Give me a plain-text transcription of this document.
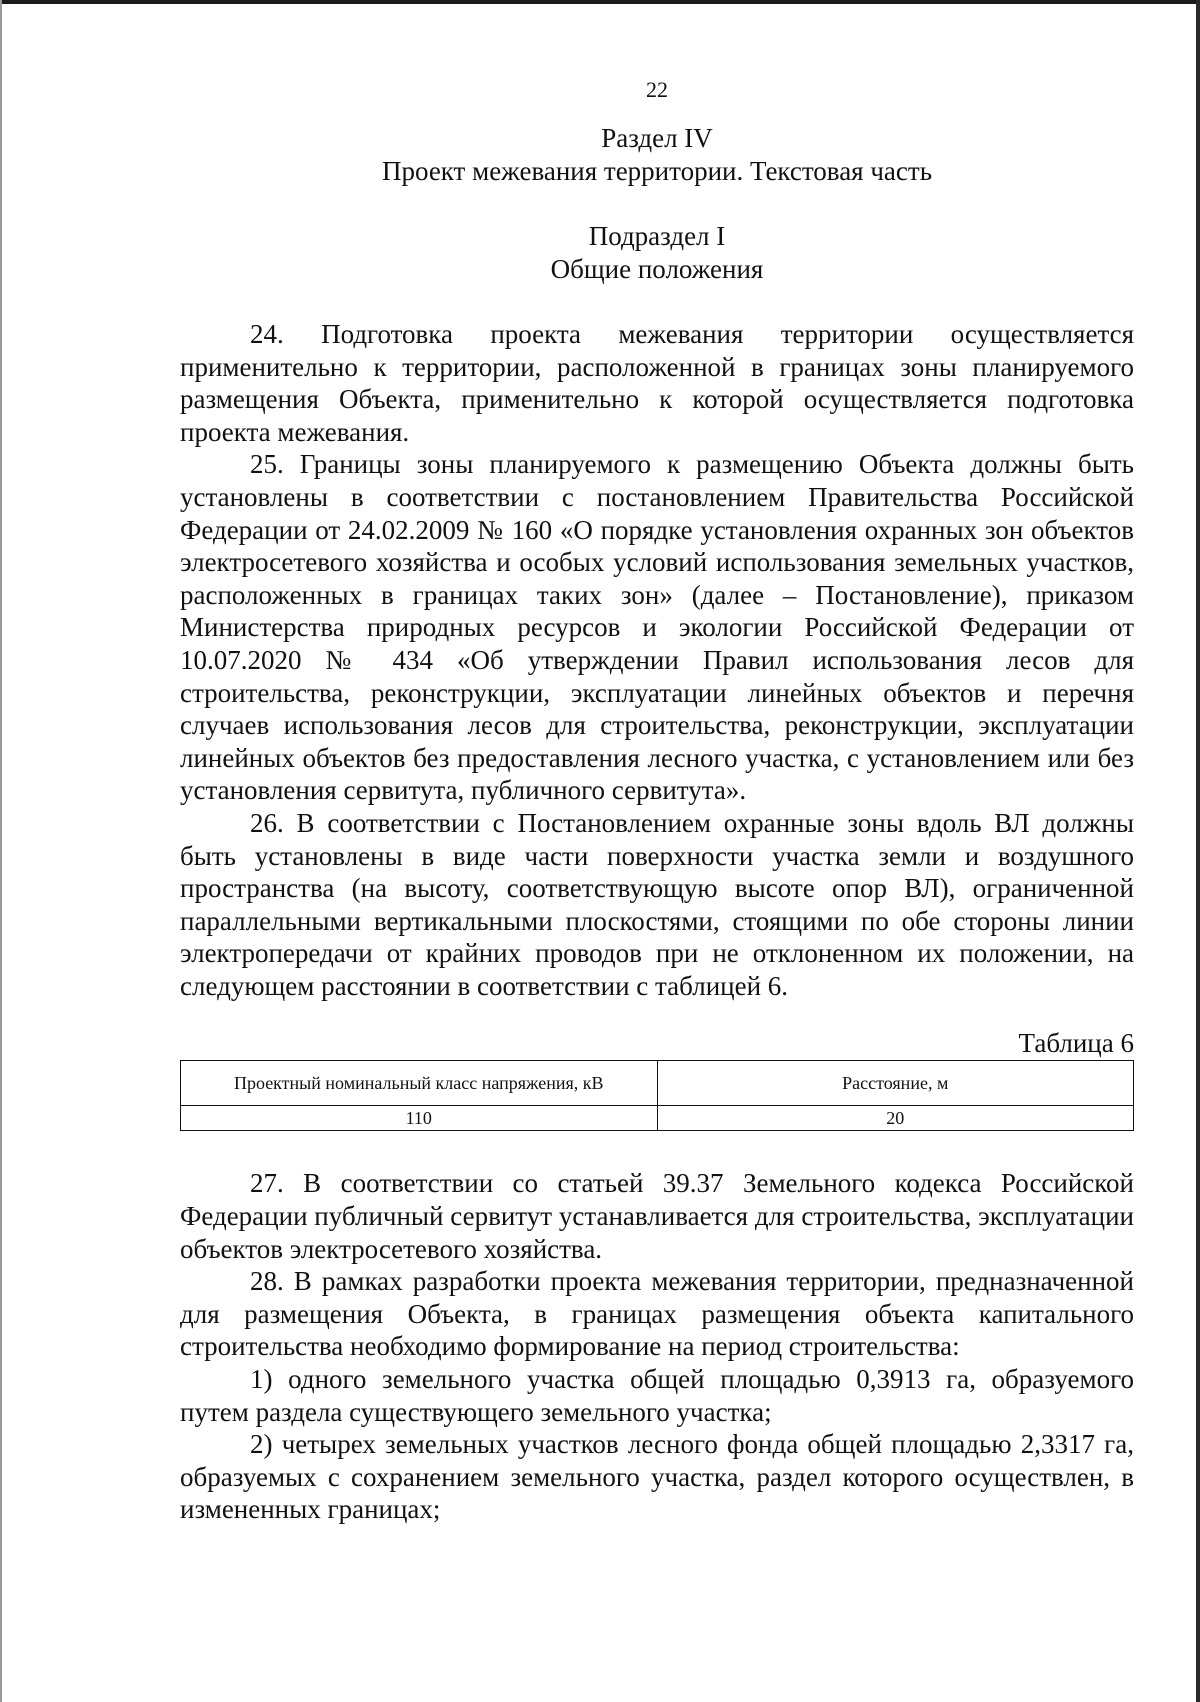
22
Раздел IV
Проект межевания территории. Текстовая часть
Подраздел I
Общие положения

24. Подготовка проекта межевания территории осуществляется применительно к территории, расположенной в границах зоны планируемого размещения Объекта, применительно к которой осуществляется подготовка проекта межевания.

25. Границы зоны планируемого к размещению Объекта должны быть установлены в соответствии с постановлением Правительства Российской Федерации от 24.02.2009 № 160 «О порядке установления охранных зон объектов электросетевого хозяйства и особых условий использования земельных участков, расположенных в границах таких зон» (далее – Постановление), приказом Министерства природных ресурсов и экологии Российской Федерации от 10.07.2020 № 434 «Об утверждении Правил использования лесов для строительства, реконструкции, эксплуатации линейных объектов и перечня случаев использования лесов для строительства, реконструкции, эксплуатации линейных объектов без предоставления лесного участка, с установлением или без установления сервитута, публичного сервитута».

26. В соответствии с Постановлением охранные зоны вдоль ВЛ должны быть установлены в виде части поверхности участка земли и воздушного пространства (на высоту, соответствующую высоте опор ВЛ), ограниченной параллельными вертикальными плоскостями, стоящими по обе стороны линии электропередачи от крайних проводов при не отклоненном их положении, на следующем расстоянии в соответствии с таблицей 6.

Таблица 6
Проектный номинальный класс напряжения, кВ	Расстояние, м
110	20

27. В соответствии со статьей 39.37 Земельного кодекса Российской Федерации публичный сервитут устанавливается для строительства, эксплуатации объектов электросетевого хозяйства.

28. В рамках разработки проекта межевания территории, предназначенной для размещения Объекта, в границах размещения объекта капитального строительства необходимо формирование на период строительства:

1) одного земельного участка общей площадью 0,3913 га, образуемого путем раздела существующего земельного участка;

2) четырех земельных участков лесного фонда общей площадью 2,3317 га, образуемых с сохранением земельного участка, раздел которого осуществлен, в измененных границах;
